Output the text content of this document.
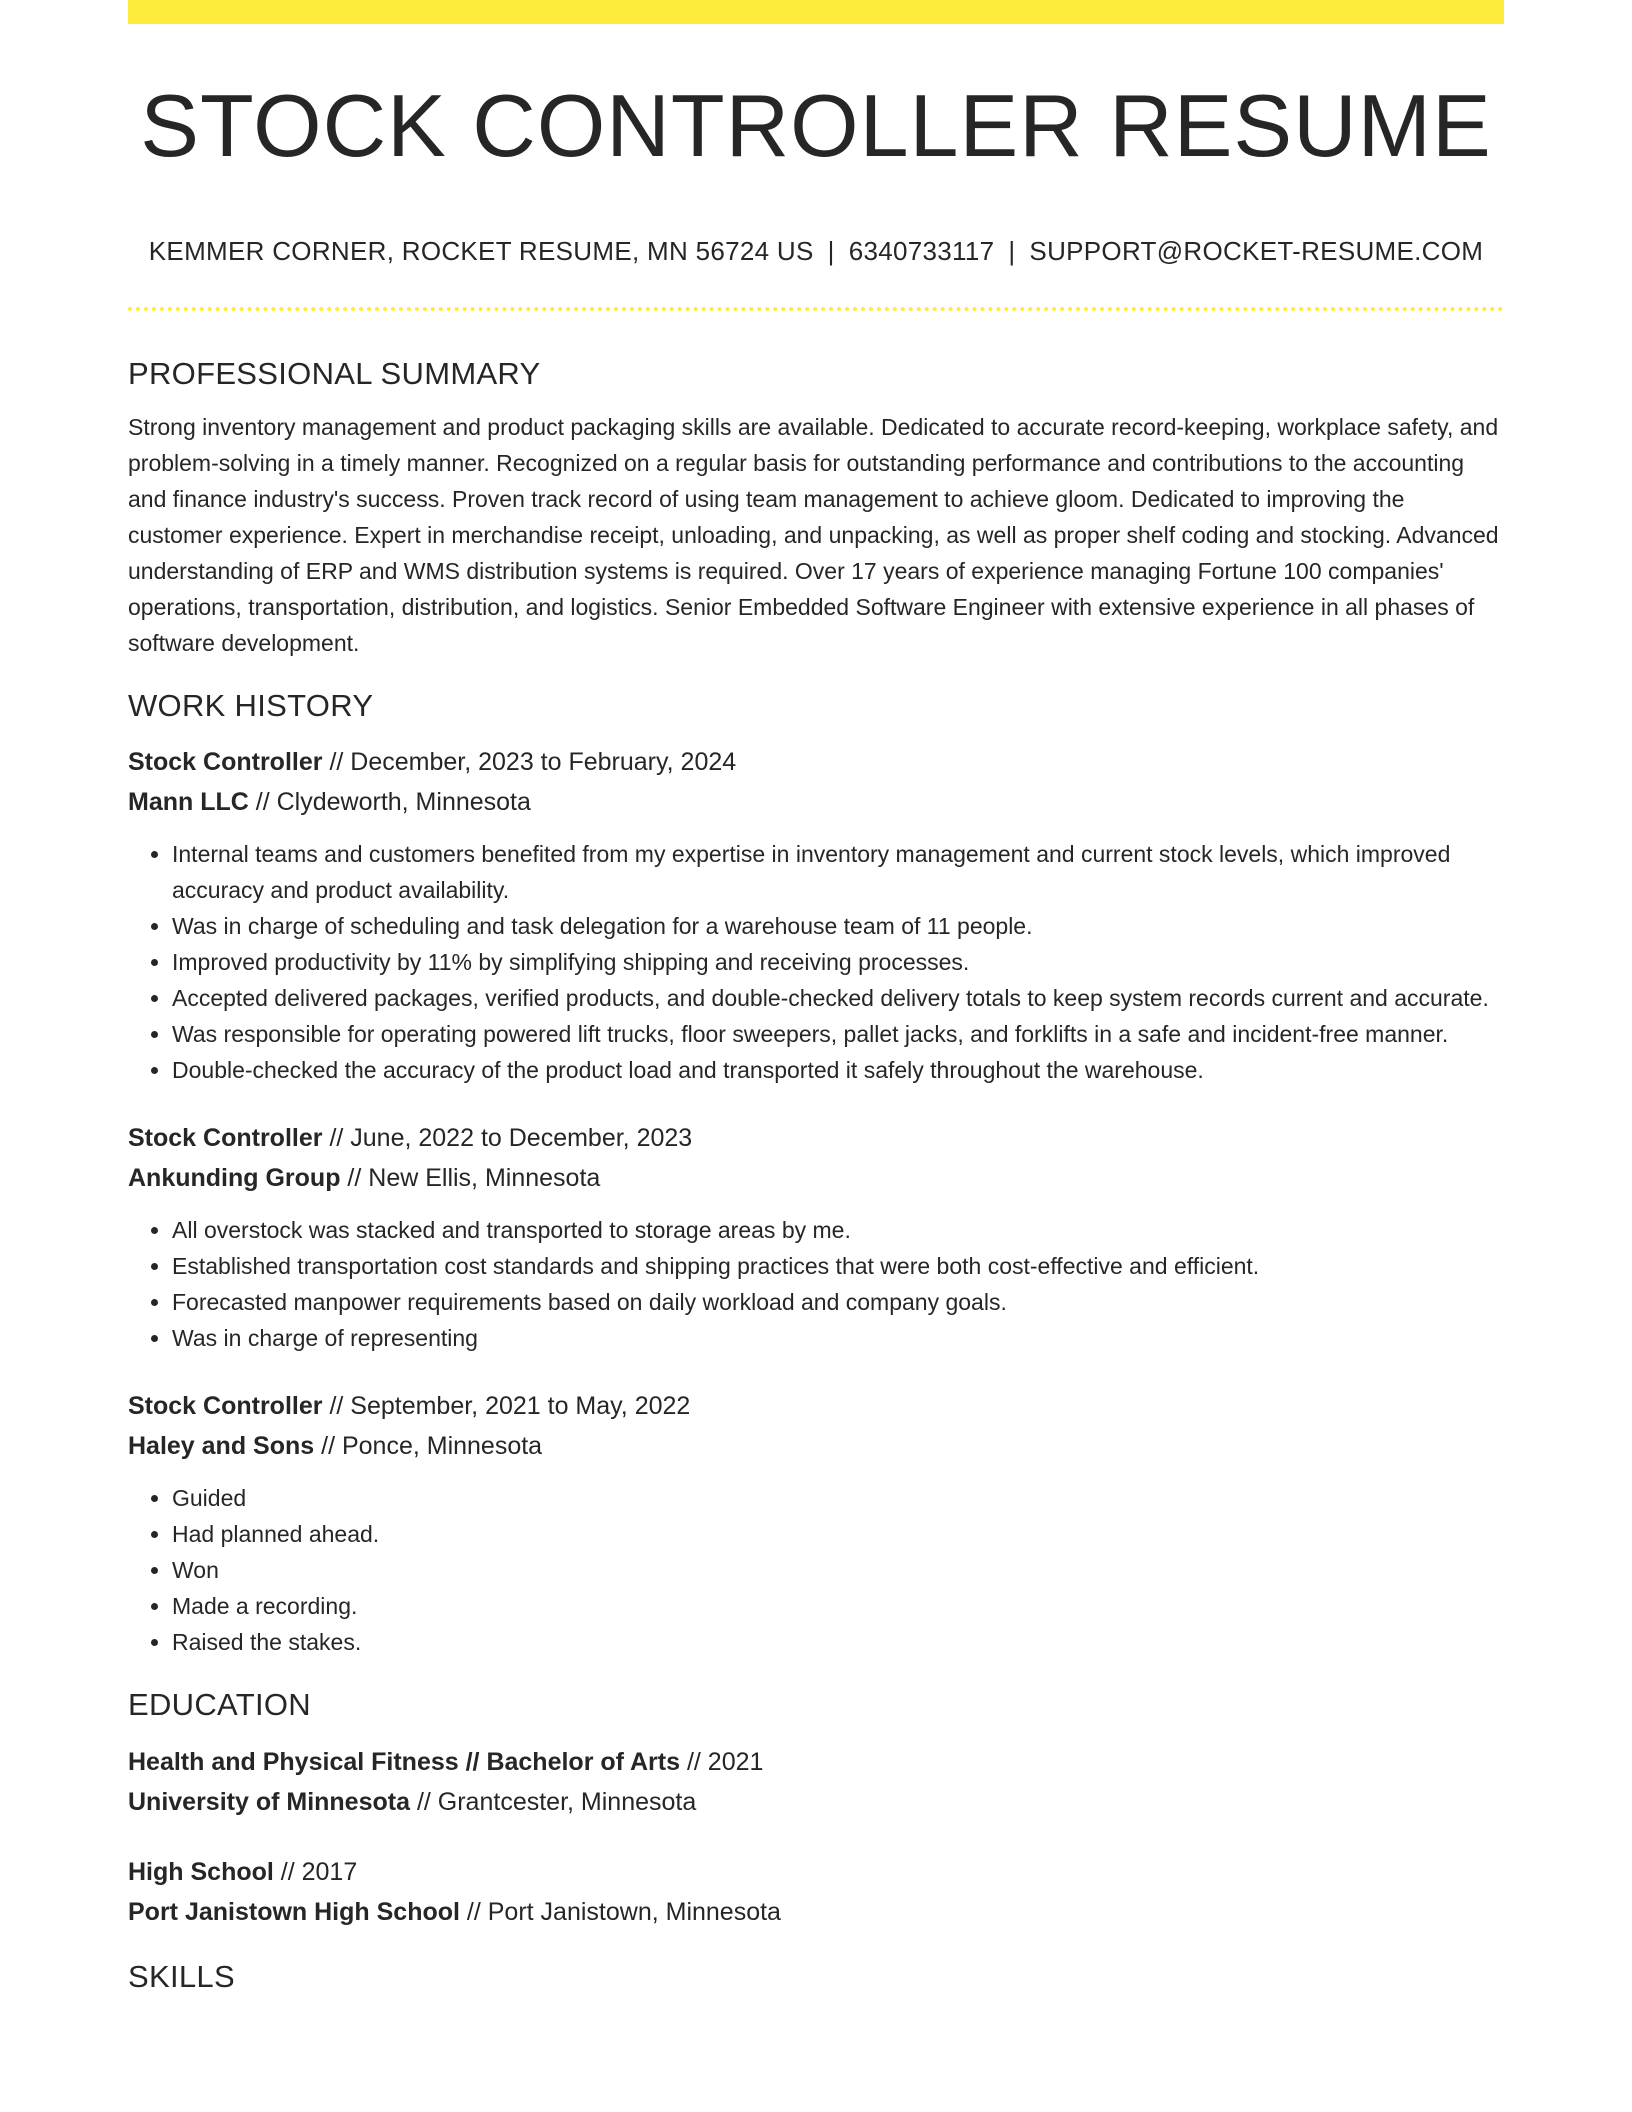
STOCK CONTROLLER RESUME
KEMMER CORNER, ROCKET RESUME, MN 56724 US | 6340733117 | SUPPORT@ROCKET-RESUME.COM
PROFESSIONAL SUMMARY

Strong inventory management and product packaging skills are available. Dedicated to accurate record-keeping, workplace safety, and problem-solving in a timely manner. Recognized on a regular basis for outstanding performance and contributions to the accounting and finance industry's success. Proven track record of using team management to achieve gloom. Dedicated to improving the customer experience. Expert in merchandise receipt, unloading, and unpacking, as well as proper shelf coding and stocking. Advanced understanding of ERP and WMS distribution systems is required. Over 17 years of experience managing Fortune 100 companies' operations, transportation, distribution, and logistics. Senior Embedded Software Engineer with extensive experience in all phases of software development.

WORK HISTORY

Stock Controller // December, 2023 to February, 2024

Mann LLC // Clydeworth, Minnesota

• Internal teams and customers benefited from my expertise in inventory management and current stock levels, which improved accuracy and product availability.
• Was in charge of scheduling and task delegation for a warehouse team of 11 people.
• Improved productivity by 11% by simplifying shipping and receiving processes.
• Accepted delivered packages, verified products, and double-checked delivery totals to keep system records current and accurate.
• Was responsible for operating powered lift trucks, floor sweepers, pallet jacks, and forklifts in a safe and incident-free manner.
• Double-checked the accuracy of the product load and transported it safely throughout the warehouse.

Stock Controller // June, 2022 to December, 2023

Ankunding Group // New Ellis, Minnesota

• All overstock was stacked and transported to storage areas by me.
• Established transportation cost standards and shipping practices that were both cost-effective and efficient.
• Forecasted manpower requirements based on daily workload and company goals.
• Was in charge of representing

Stock Controller // September, 2021 to May, 2022

Haley and Sons // Ponce, Minnesota

• Guided
• Had planned ahead.
• Won
• Made a recording.
• Raised the stakes.
EDUCATION

Health and Physical Fitness // Bachelor of Arts // 2021

University of Minnesota // Grantcester, Minnesota

High School // 2017

Port Janistown High School // Port Janistown, Minnesota

SKILLS
